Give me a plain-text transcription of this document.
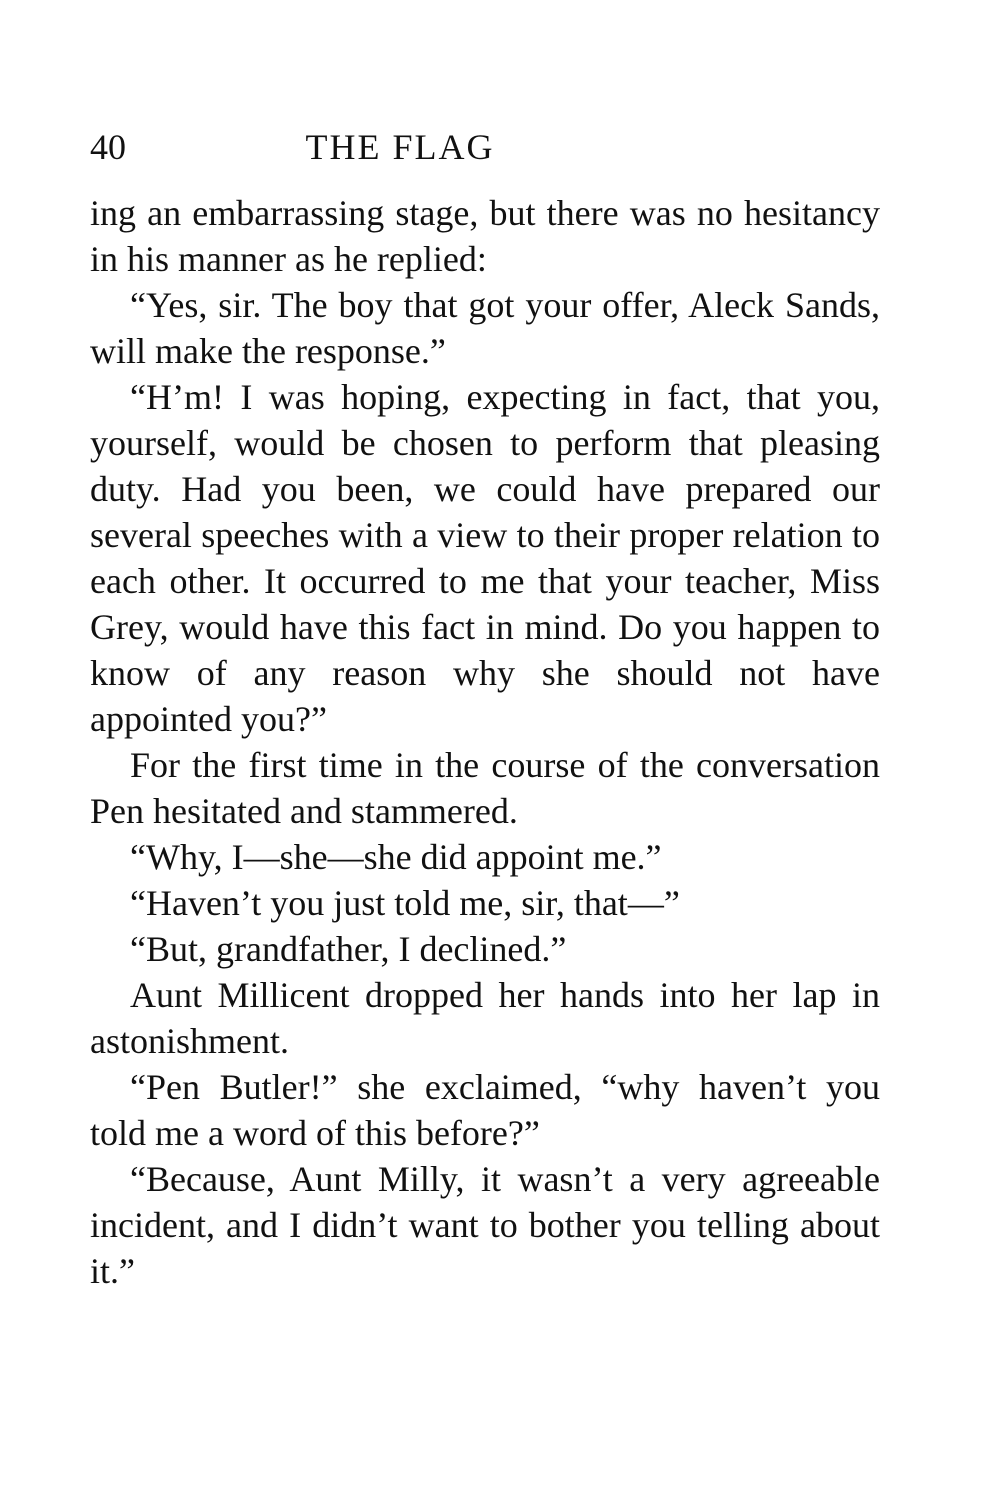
40	THE FLAG

ing an embarrassing stage, but there was no hesitancy in his manner as he replied:

“Yes, sir. The boy that got your offer, Aleck Sands, will make the response.”

“H’m! I was hoping, expecting in fact, that you, yourself, would be chosen to perform that pleasing duty. Had you been, we could have prepared our several speeches with a view to their proper relation to each other. It occurred to me that your teacher, Miss Grey, would have this fact in mind. Do you happen to know of any reason why she should not have appointed you?”

For the first time in the course of the conversation Pen hesitated and stammered.

“Why, I—she—she did appoint me.”

“Haven’t you just told me, sir, that—”

“But, grandfather, I declined.”

Aunt Millicent dropped her hands into her lap in astonishment.

“Pen Butler!” she exclaimed, “why haven’t you told me a word of this before?”

“Because, Aunt Milly, it wasn’t a very agreeable incident, and I didn’t want to bother you telling about it.”
